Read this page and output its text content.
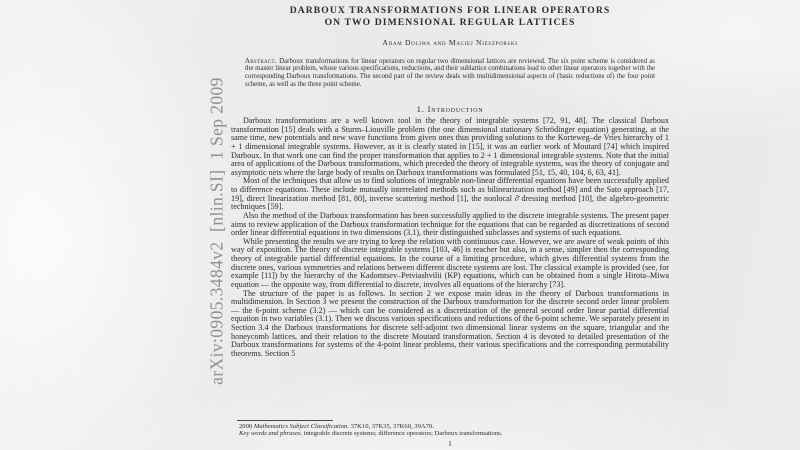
arXiv:0905.3484v2  [nlin.SI]  1 Sep 2009
DARBOUX TRANSFORMATIONS FOR LINEAR OPERATORS
ON TWO DIMENSIONAL REGULAR LATTICES
Adam Doliwa and Maciej Nieszporski

Abstract. Darboux transformations for linear operators on regular two dimensional lattices are reviewed. The six point scheme is considered as the master linear problem, whose various specifications, reductions, and their sublattice combinations lead to other linear operators together with the corresponding Darboux transformations. The second part of the review deals with multidimensional aspects of (basic reductions of) the four point scheme, as well as the three point scheme.

1. Introduction

Darboux transformations are a well known tool in the theory of integrable systems [72, 91, 48]. The classical Darboux transformation [15] deals with a Sturm–Liouville problem (the one dimensional stationary Schrödinger equation) generating, at the same time, new potentials and new wave functions from given ones thus providing solutions to the Korteweg–de Vries hierarchy of 1 + 1 dimensional integrable systems. However, as it is clearly stated in [15], it was an earlier work of Moutard [74] which inspired Darboux. In that work one can find the proper transformation that applies to 2 + 1 dimensional integrable systems. Note that the initial area of applications of the Darboux transformations, which preceded the theory of integrable systems, was the theory of conjugate and asymptotic nets where the large body of results on Darboux transformations was formulated [51, 15, 40, 104, 6, 63, 41].

Most of the techniques that allow us to find solutions of integrable non-linear differential equations have been successfully applied to difference equations. These include mutually interrelated methods such as bilinearization method [49] and the Sato approach [17, 19], direct linearization method [81, 80], inverse scattering method [1], the nonlocal ∂̄ dressing method [10], the algebro-geometric techniques [59].

Also the method of the Darboux transformation has been successfully applied to the discrete integrable systems. The present paper aims to review application of the Darboux transformation technique for the equations that can be regarded as discretizations of second order linear differential equations in two dimensions (3.1), their distinguished subclasses and systems of such equations.

While presenting the results we are trying to keep the relation with continuous case. However, we are aware of weak points of this way of exposition. The theory of discrete integrable systems [103, 46] is reacher but also, in a sense, simpler then the corresponding theory of integrable partial differential equations. In the course of a limiting procedure, which gives differential systems from the discrete ones, various symmetries and relations between different discrete systems are lost. The classical example is provided (see, for example [11]) by the hierarchy of the Kadomtsev–Petviashvilii (KP) equations, which can be obtained from a single Hirota–Miwa equation — the opposite way, from differential to discrete, involves all equations of the hierarchy [73].

The structure of the paper is as follows. In section 2 we expose main ideas in the theory of Darboux transformations in multidimension. In Section 3 we present the construction of the Darboux transformation for the discrete second order linear problem — the 6-point scheme (3.2) — which can be considered as a discretization of the general second order linear partial differential equation in two variables (3.1). Then we discuss various specifications and reductions of the 6-point scheme. We separately present in Section 3.4 the Darboux transformations for discrete self-adjoint two dimensional linear systems on the square, triangular and the honeycomb lattices, and their relation to the discrete Moutard transformation. Section 4 is devoted to detailed presentation of the Darboux transformations for systems of the 4-point linear problems, their various specifications and the corresponding permutability theorems. Section 5

2000 Mathematics Subject Classification. 37K10, 37K35, 37K60, 39A70.

Key words and phrases. integrable discrete systems; difference operators; Darboux transformations.

1
